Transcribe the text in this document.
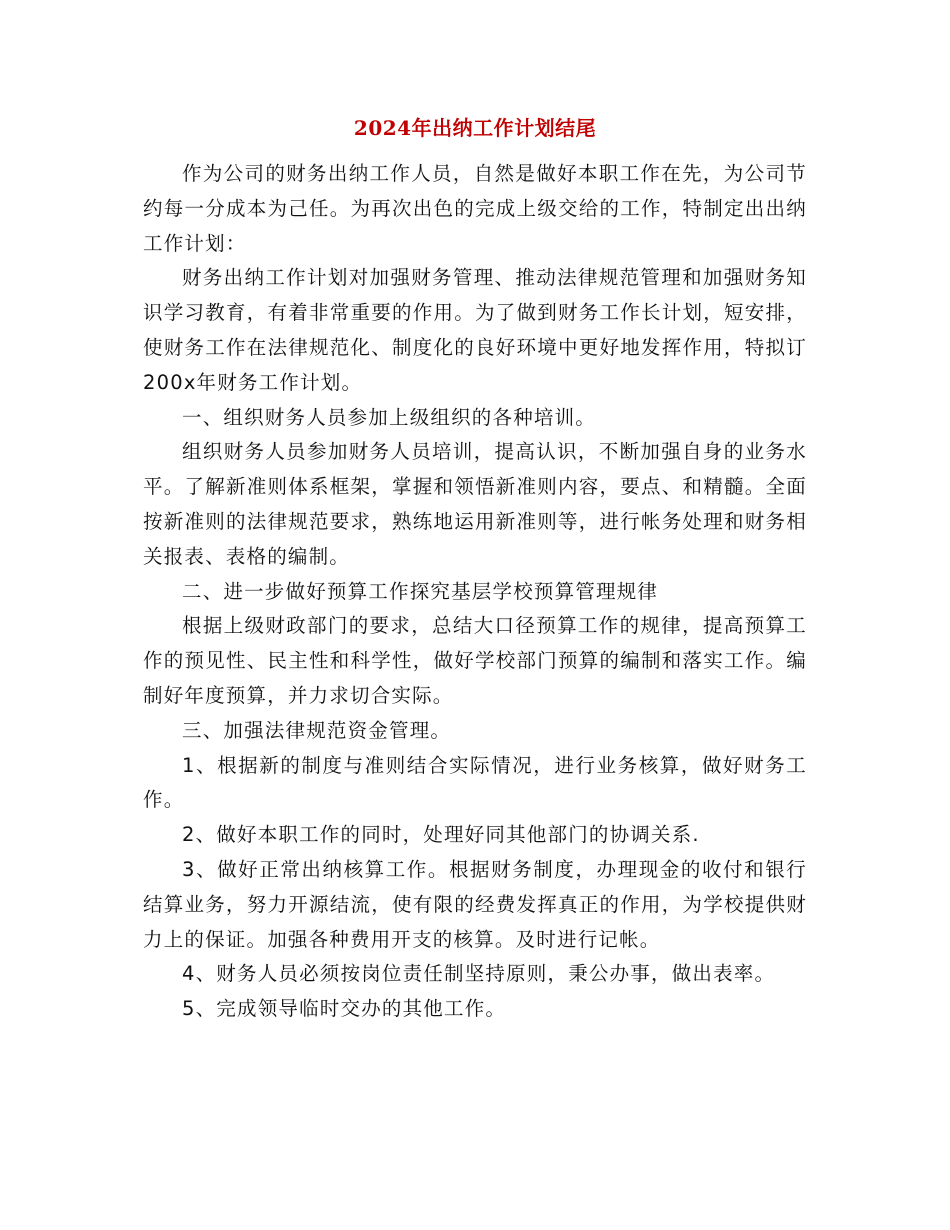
2024年出纳工作计划结尾

作为公司的财务出纳工作人员，自然是做好本职工作在先，为公司节约每一分成本为己任。为再次出色的完成上级交给的工作，特制定出出纳工作计划：

财务出纳工作计划对加强财务管理、推动法律规范管理和加强财务知识学习教育，有着非常重要的作用。为了做到财务工作长计划，短安排，使财务工作在法律规范化、制度化的良好环境中更好地发挥作用，特拟订200x年财务工作计划。

一、组织财务人员参加上级组织的各种培训。

组织财务人员参加财务人员培训，提高认识，不断加强自身的业务水平。了解新准则体系框架，掌握和领悟新准则内容，要点、和精髓。全面按新准则的法律规范要求，熟练地运用新准则等，进行帐务处理和财务相关报表、表格的编制。

二、进一步做好预算工作探究基层学校预算管理规律

根据上级财政部门的要求，总结大口径预算工作的规律，提高预算工作的预见性、民主性和科学性，做好学校部门预算的编制和落实工作。编制好年度预算，并力求切合实际。

三、加强法律规范资金管理。

1、根据新的制度与准则结合实际情况，进行业务核算，做好财务工作。

2、做好本职工作的同时，处理好同其他部门的协调关系.

3、做好正常出纳核算工作。根据财务制度，办理现金的收付和银行结算业务，努力开源结流，使有限的经费发挥真正的作用，为学校提供财力上的保证。加强各种费用开支的核算。及时进行记帐。

4、财务人员必须按岗位责任制坚持原则，秉公办事，做出表率。

5、完成领导临时交办的其他工作。
